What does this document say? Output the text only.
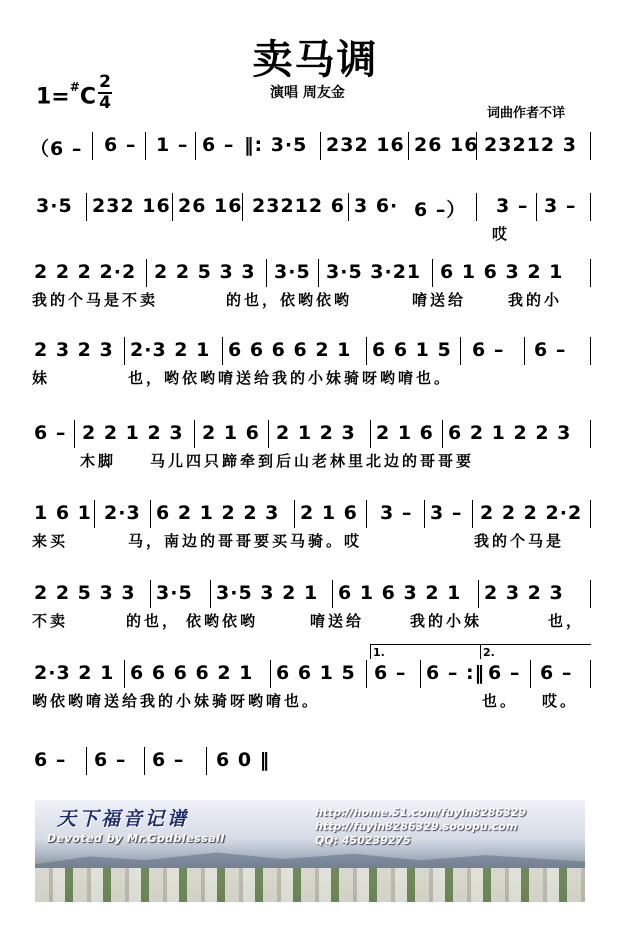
卖马调
1=#C
2
4	演唱 周友金
词曲作者不详
（6 – 6 – 1 – 6 – ‖: 3·5 232 16 26 16 23212 3
3·5 232 16 26 16 23212 6 3 6· 6 –） 3 – 3 –
哎
2 2 2 2·2 2 2 5 3 3 3·5 3·5 3·21 6 1 6 3 2 1
我的个马是不卖	的也，依哟依哟	唷送给	我的小
2 3 2 3 2·3 2 1 6 6 6 6 2 1 6 6 1 5 6 – 6 –
妹	也，哟依哟唷送给我的小妹骑呀哟唷也。
6 – 2 2 1 2 3 2 1 6 2 1 2 3 2 1 6 6 2 1 2 2 3
木脚 马儿四只蹄牵到后山老林里北边的哥哥要
1 6 1 2·3 6 2 1 2 2 3 2 1 6 3 – 3 – 2 2 2 2·2
来买	马，南边的哥哥要买马骑。哎	我的个马是
2 2 5 3 3 3·5 3·5 3 2 1 6 1 6 3 2 1 2 3 2 3
不卖	的也， 依哟依哟	唷送给	我的小妹	也，
1.	2.
2·3 2 1 6 6 6 6 2 1 6 6 1 5 6 – 6 – :‖ 6 – 6 –
哟依哟唷送给我的小妹骑呀哟唷也。	也。 哎。
6 – 6 – 6 – 6 0 ‖
天下福音记谱
Devoted by Mr.Godblessall
http://home.51.com/fuyin8286329
http://fuyin8286329.sooopu.com
QQ: 450239275
